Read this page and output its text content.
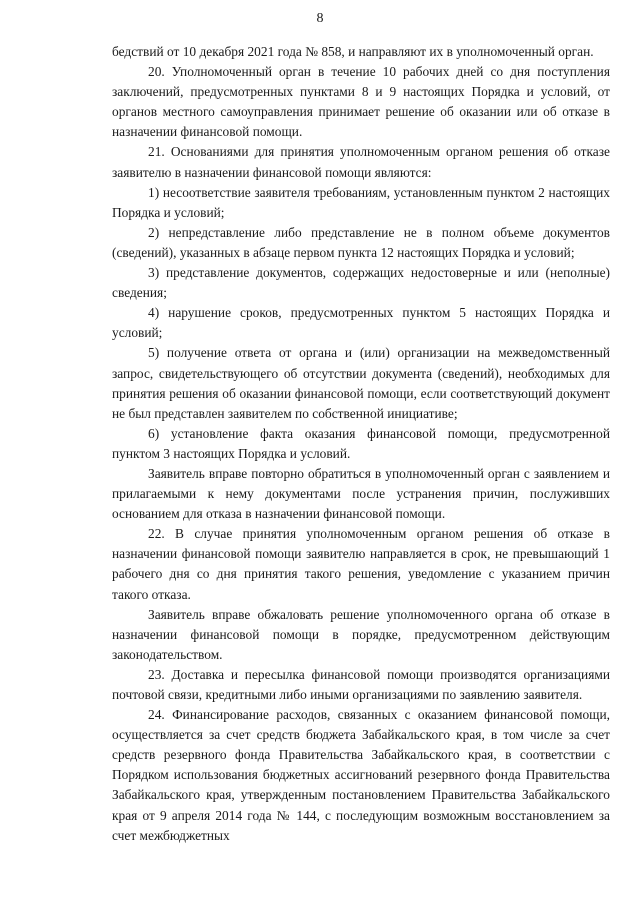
8

бедствий от 10 декабря 2021 года № 858, и направляют их в уполномоченный орган.

20. Уполномоченный орган в течение 10 рабочих дней со дня поступления заключений, предусмотренных пунктами 8 и 9 настоящих Порядка и условий, от органов местного самоуправления принимает решение об оказании или об отказе в назначении финансовой помощи.

21. Основаниями для принятия уполномоченным органом решения об отказе заявителю в назначении финансовой помощи являются:

1) несоответствие заявителя требованиям, установленным пунктом 2 настоящих Порядка и условий;

2) непредставление либо представление не в полном объеме документов (сведений), указанных в абзаце первом пункта 12 настоящих Порядка и условий;

3) представление документов, содержащих недостоверные и или (неполные) сведения;

4) нарушение сроков, предусмотренных пунктом 5 настоящих Порядка и условий;

5) получение ответа от органа и (или) организации на межведомственный запрос, свидетельствующего об отсутствии документа (сведений), необходимых для принятия решения об оказании финансовой помощи, если соответствующий документ не был представлен заявителем по собственной инициативе;

6) установление факта оказания финансовой помощи, предусмотренной пунктом 3 настоящих Порядка и условий.

Заявитель вправе повторно обратиться в уполномоченный орган с заявлением и прилагаемыми к нему документами после устранения причин, послуживших основанием для отказа в назначении финансовой помощи.

22. В случае принятия уполномоченным органом решения об отказе в назначении финансовой помощи заявителю направляется в срок, не превышающий 1 рабочего дня со дня принятия такого решения, уведомление с указанием причин такого отказа.

Заявитель вправе обжаловать решение уполномоченного органа об отказе в назначении финансовой помощи в порядке, предусмотренном действующим законодательством.

23. Доставка и пересылка финансовой помощи производятся организациями почтовой связи, кредитными либо иными организациями по заявлению заявителя.

24. Финансирование расходов, связанных с оказанием финансовой помощи, осуществляется за счет средств бюджета Забайкальского края, в том числе за счет средств резервного фонда Правительства Забайкальского края, в соответствии с Порядком использования бюджетных ассигнований резервного фонда Правительства Забайкальского края, утвержденным постановлением Правительства Забайкальского края от 9 апреля 2014 года № 144, с последующим возможным восстановлением за счет межбюджетных
